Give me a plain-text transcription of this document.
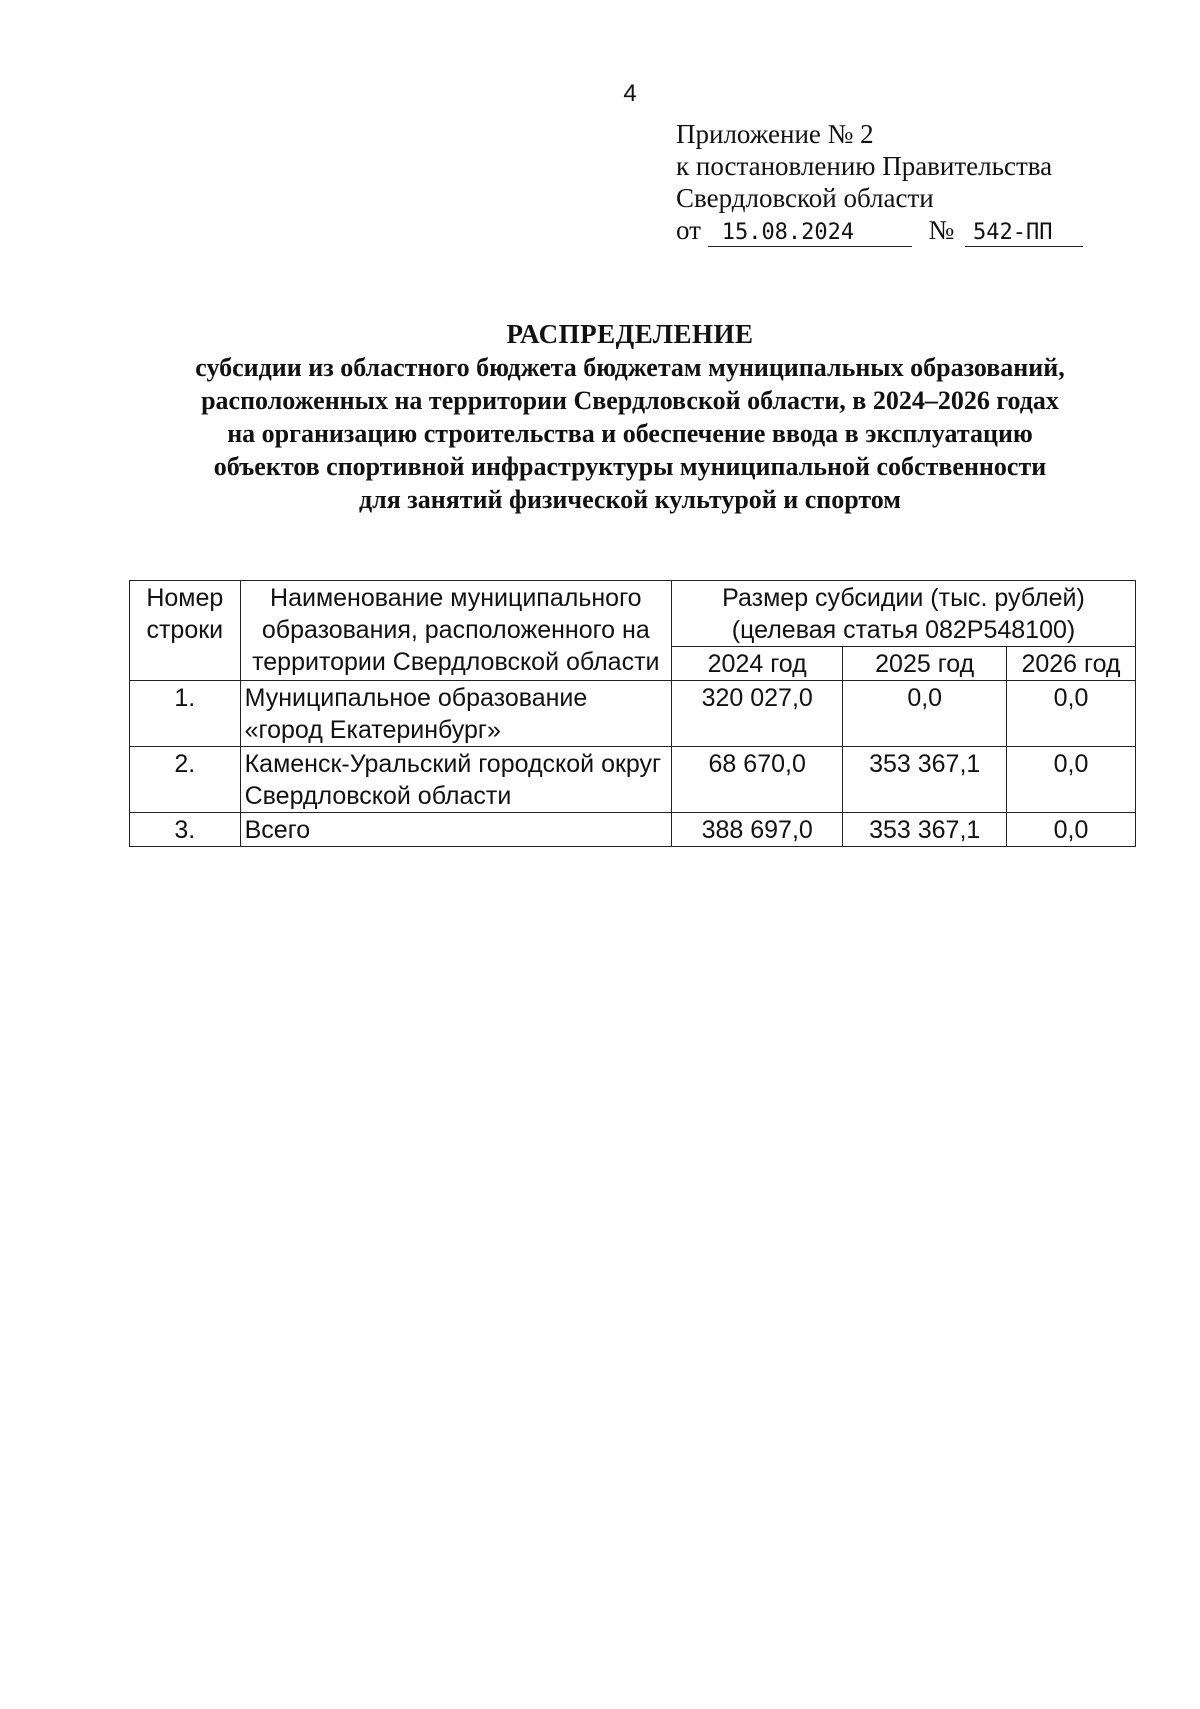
4
Приложение № 2
к постановлению Правительства
Свердловской области
от 15.08.2024	№ 542-ПП
РАСПРЕДЕЛЕНИЕ
субсидии из областного бюджета бюджетам муниципальных образований,
расположенных на территории Свердловской области, в 2024–2026 годах
на организацию строительства и обеспечение ввода в эксплуатацию
объектов спортивной инфраструктуры муниципальной собственности
для занятий физической культурой и спортом
Номер строки	Наименование муниципального образования, расположенного на территории Свердловской области	Размер субсидии (тыс. рублей) (целевая статья 082P548100)		
		2024 год	2025 год	2026 год
1.	Муниципальное образование «город Екатеринбург»	320 027,0	0,0	0,0
2.	Каменск-Уральский городской округ Свердловской области	68 670,0	353 367,1	0,0
3.	Всего	388 697,0	353 367,1	0,0
